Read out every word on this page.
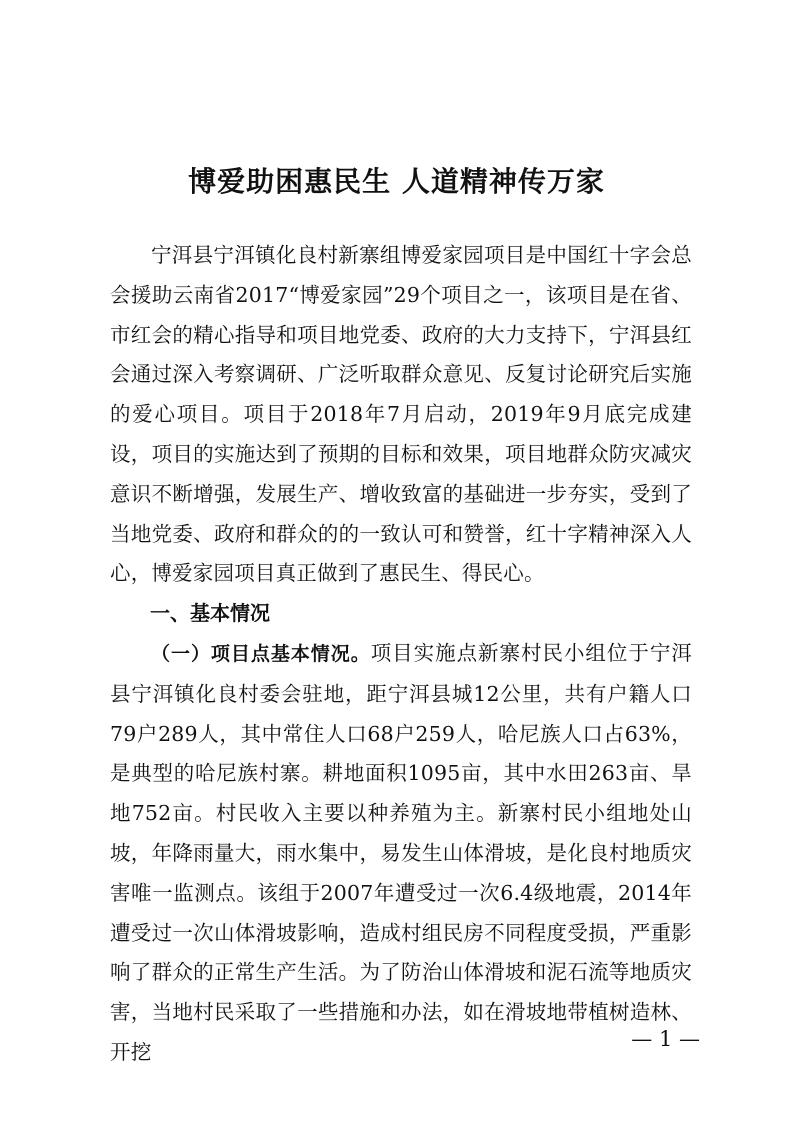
博爱助困惠民生 人道精神传万家

宁洱县宁洱镇化良村新寨组博爱家园项目是中国红十字会总会援助云南省2017“博爱家园”29个项目之一，该项目是在省、市红会的精心指导和项目地党委、政府的大力支持下，宁洱县红会通过深入考察调研、广泛听取群众意见、反复讨论研究后实施的爱心项目。项目于2018年7月启动，2019年9月底完成建设，项目的实施达到了预期的目标和效果，项目地群众防灾减灾意识不断增强，发展生产、增收致富的基础进一步夯实，受到了当地党委、政府和群众的的一致认可和赞誉，红十字精神深入人心，博爱家园项目真正做到了惠民生、得民心。

一、基本情况

（一）项目点基本情况。项目实施点新寨村民小组位于宁洱县宁洱镇化良村委会驻地，距宁洱县城12公里，共有户籍人口79户289人，其中常住人口68户259人，哈尼族人口占63%，是典型的哈尼族村寨。耕地面积1095亩，其中水田263亩、旱地752亩。村民收入主要以种养殖为主。新寨村民小组地处山坡，年降雨量大，雨水集中，易发生山体滑坡，是化良村地质灾害唯一监测点。该组于2007年遭受过一次6.4级地震，2014年遭受过一次山体滑坡影响，造成村组民房不同程度受损，严重影响了群众的正常生产生活。为了防治山体滑坡和泥石流等地质灾害，当地村民采取了一些措施和办法，如在滑坡地带植树造林、开挖

— 1 —
